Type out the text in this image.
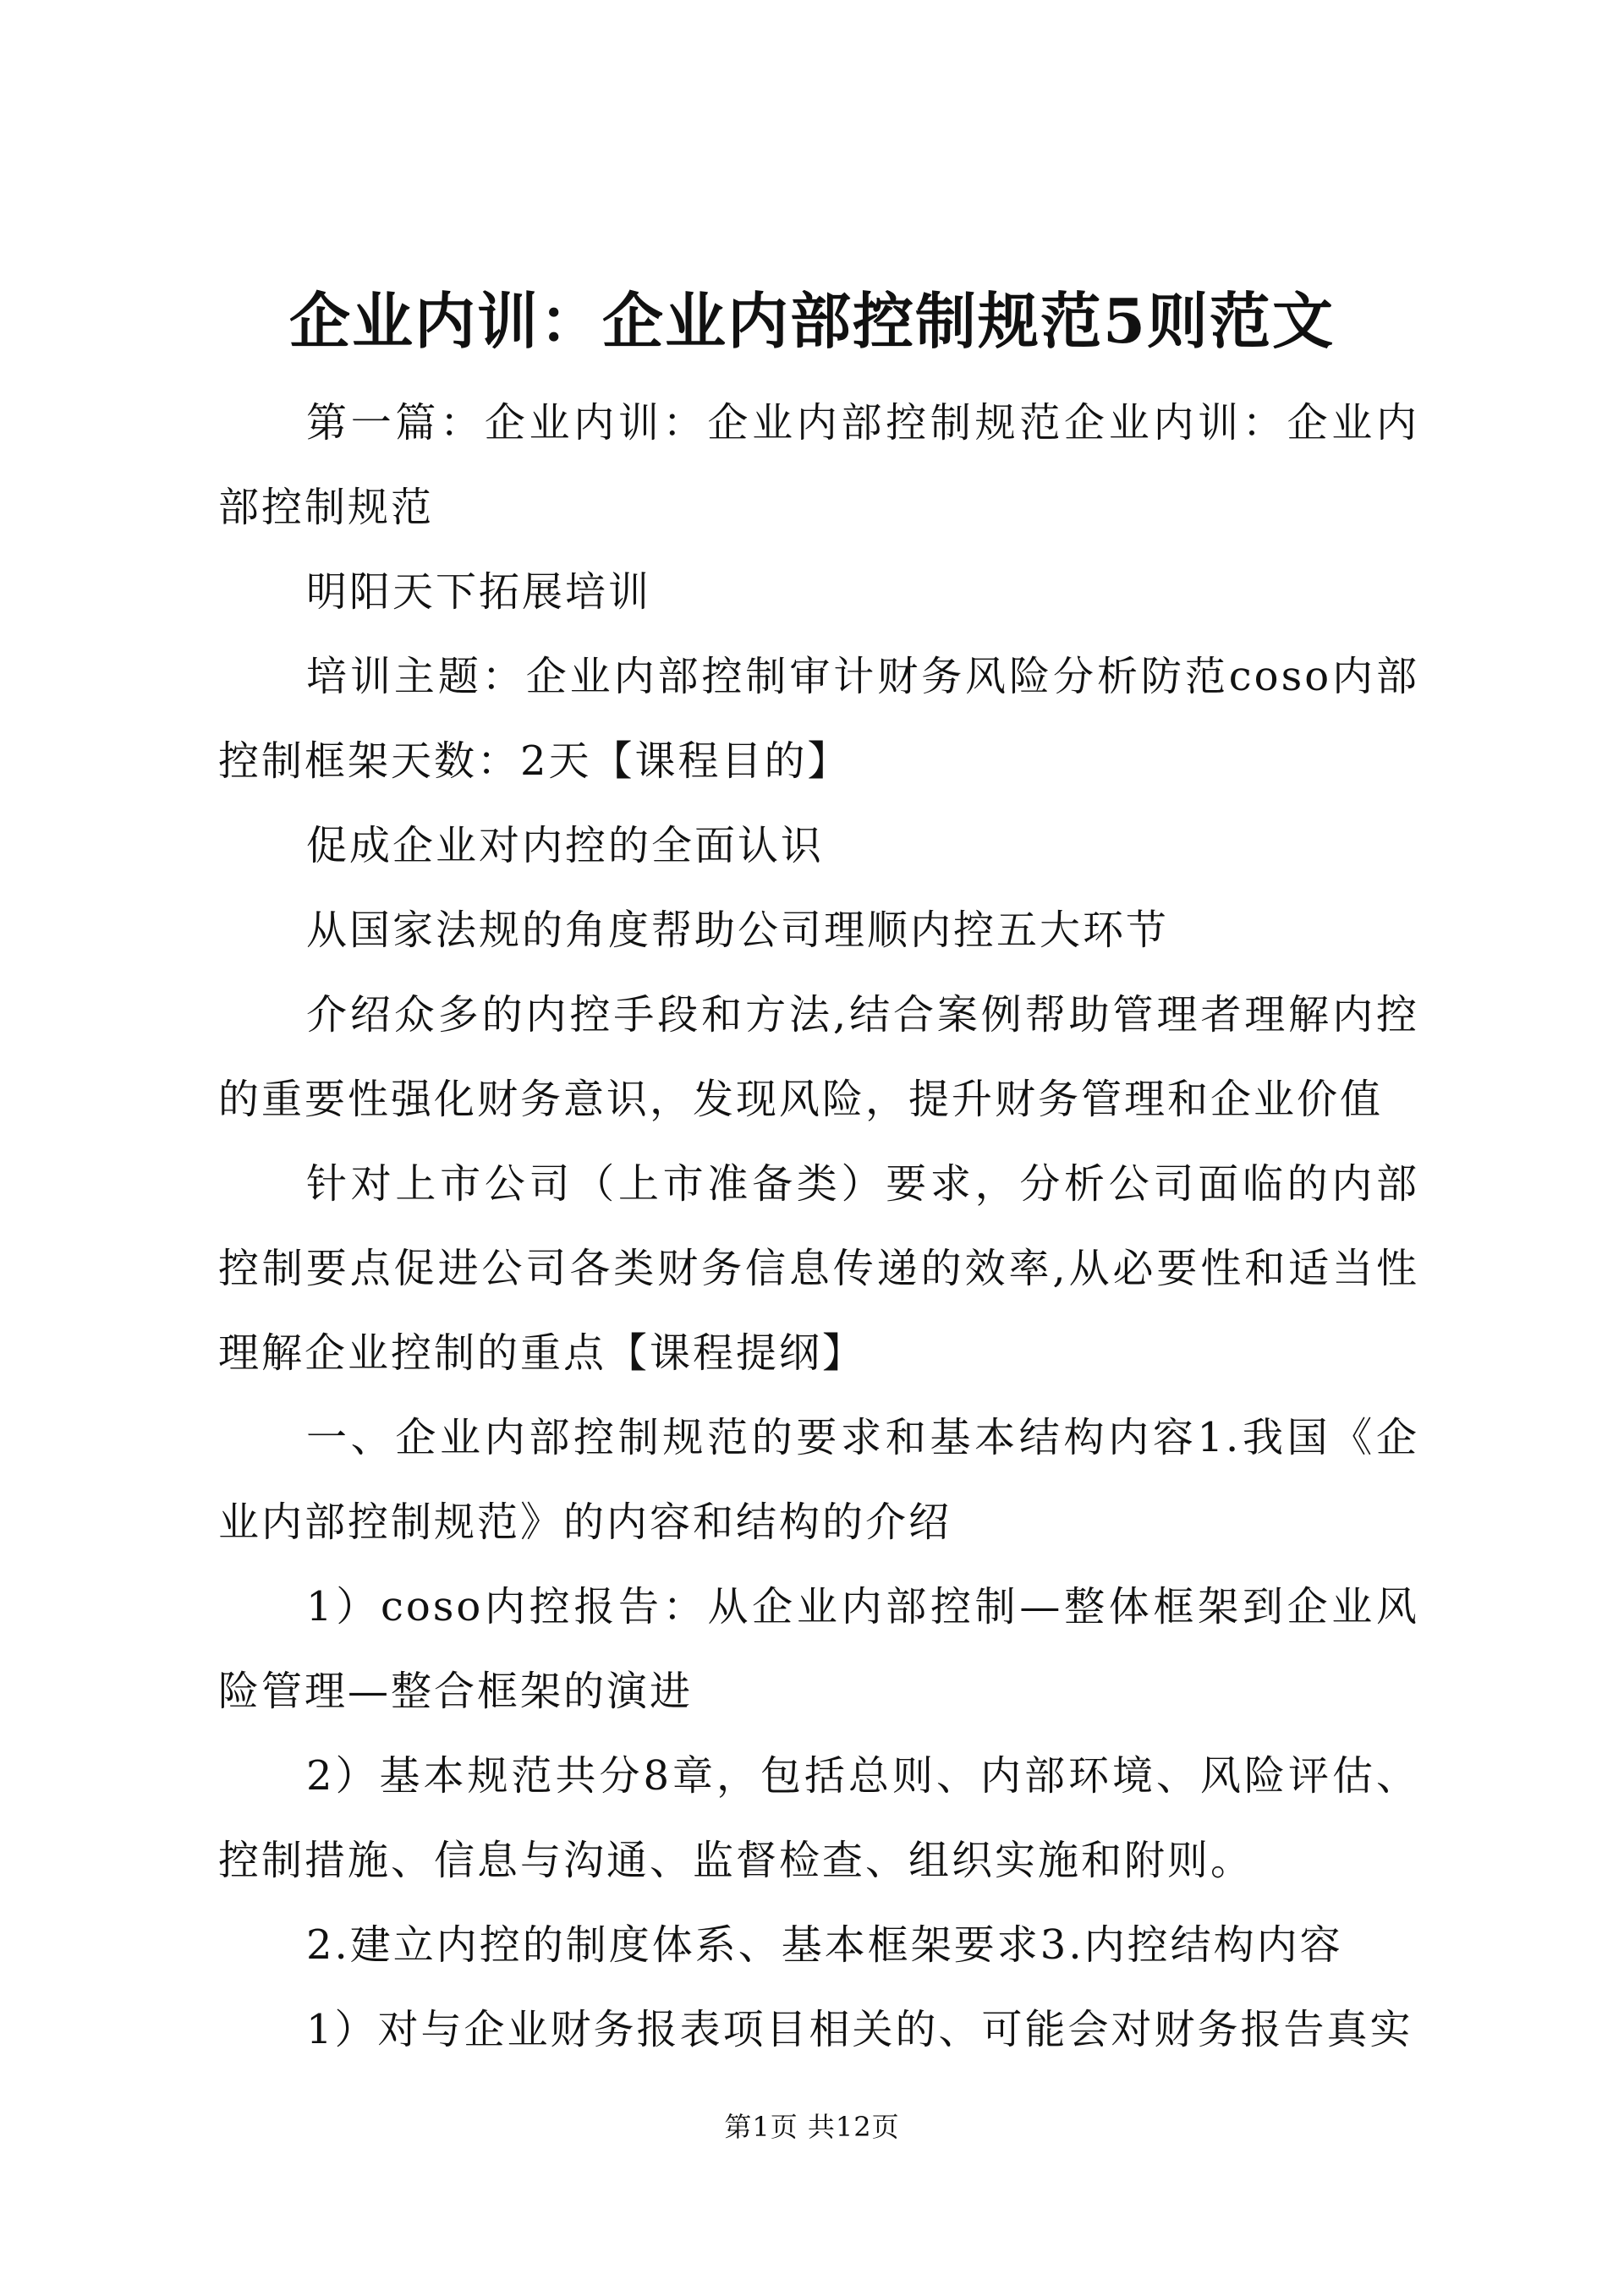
企业内训：企业内部控制规范5则范文

第一篇：企业内训：企业内部控制规范企业内训：企业内部控制规范

明阳天下拓展培训

培训主题：企业内部控制审计财务风险分析防范coso内部控制框架天数：2天【课程目的】

促成企业对内控的全面认识

从国家法规的角度帮助公司理顺内控五大环节

介绍众多的内控手段和方法,结合案例帮助管理者理解内控的重要性强化财务意识，发现风险，提升财务管理和企业价值

针对上市公司（上市准备类）要求，分析公司面临的内部控制要点促进公司各类财务信息传递的效率,从必要性和适当性理解企业控制的重点【课程提纲】

一、企业内部控制规范的要求和基本结构内容1.我国《企业内部控制规范》的内容和结构的介绍

1）coso内控报告：从企业内部控制—整体框架到企业风险管理—整合框架的演进

2）基本规范共分8章，包括总则、内部环境、风险评估、控制措施、信息与沟通、监督检查、组织实施和附则。

2.建立内控的制度体系、基本框架要求3.内控结构内容

1）对与企业财务报表项目相关的、可能会对财务报告真实

第1页 共12页
